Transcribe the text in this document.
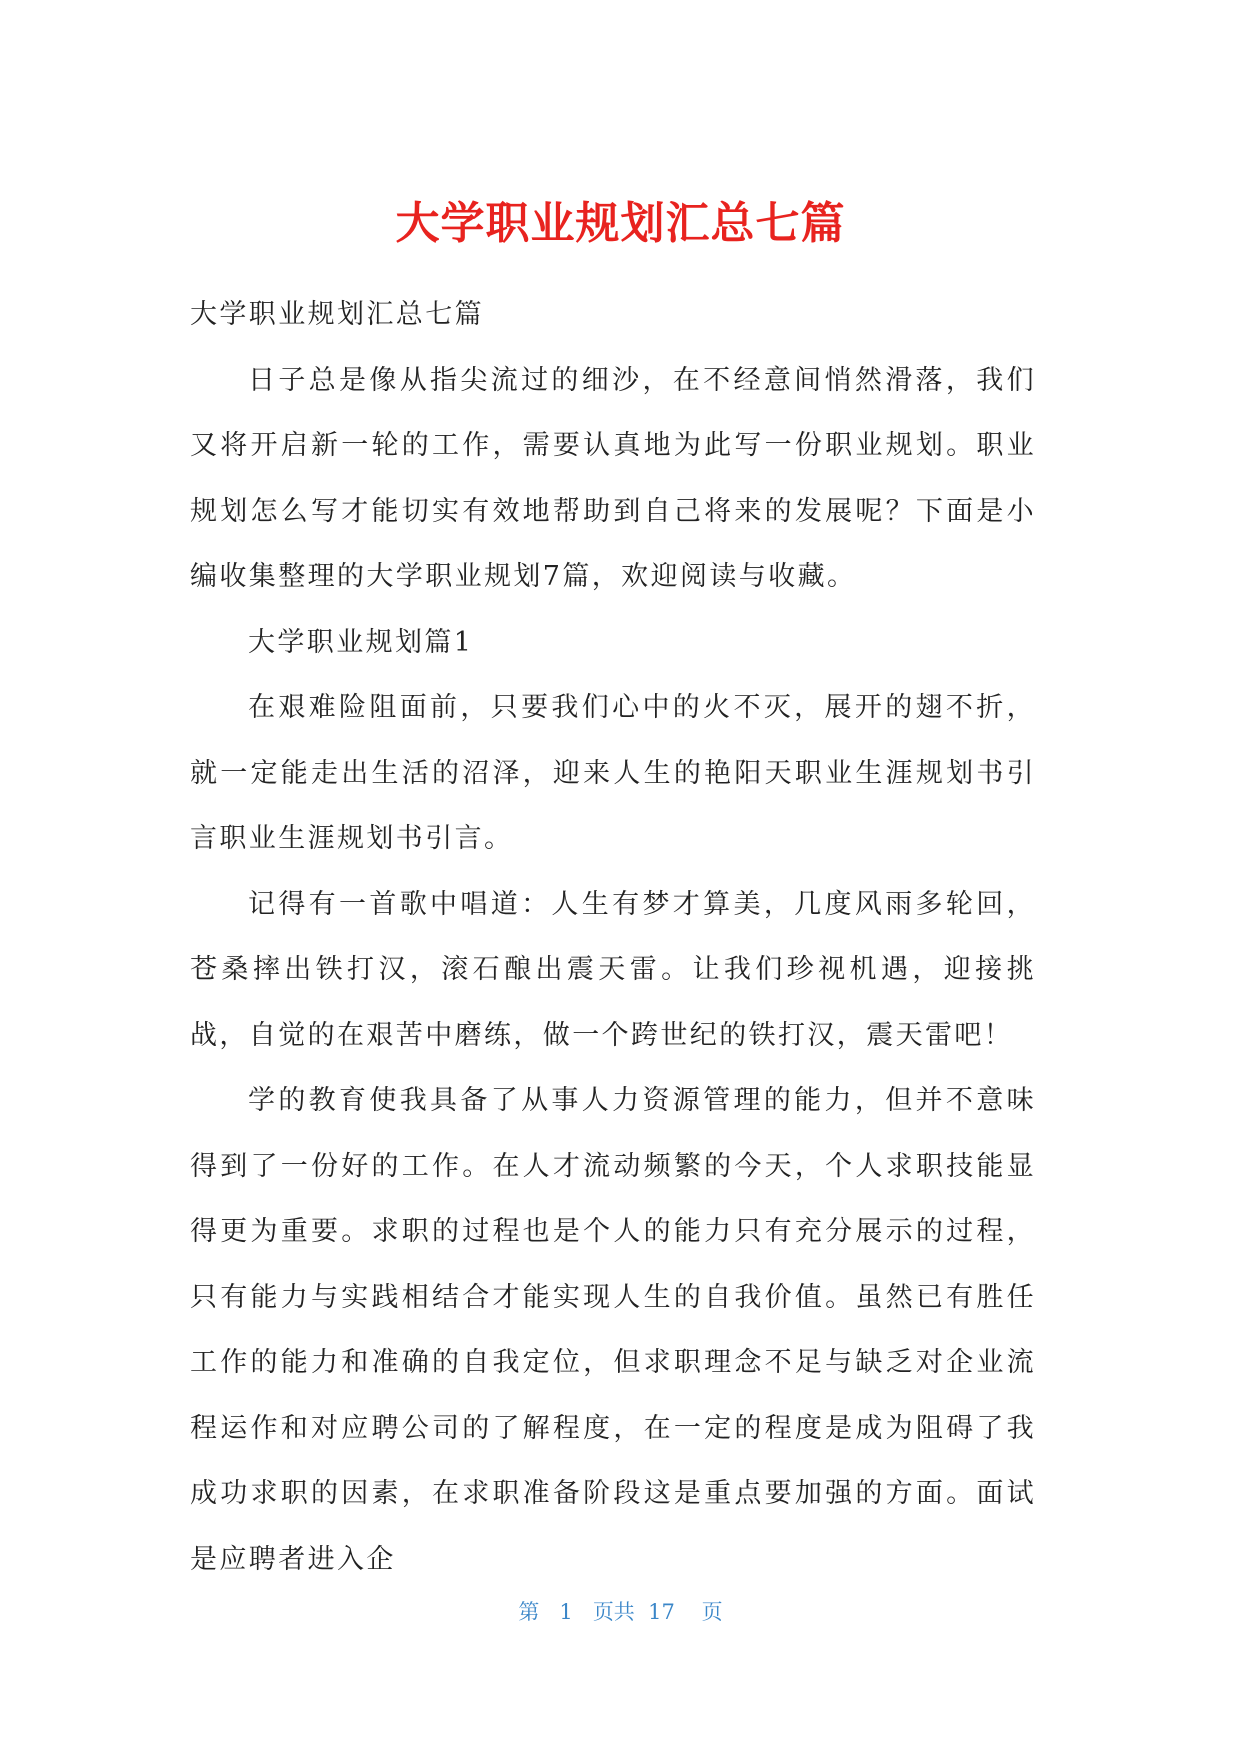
大学职业规划汇总七篇

大学职业规划汇总七篇

日子总是像从指尖流过的细沙，在不经意间悄然滑落，我们又将开启新一轮的工作，需要认真地为此写一份职业规划。职业规划怎么写才能切实有效地帮助到自己将来的发展呢？下面是小编收集整理的大学职业规划7篇，欢迎阅读与收藏。

大学职业规划篇1

在艰难险阻面前，只要我们心中的火不灭，展开的翅不折，就一定能走出生活的沼泽，迎来人生的艳阳天职业生涯规划书引言职业生涯规划书引言。

记得有一首歌中唱道：人生有梦才算美，几度风雨多轮回，苍桑摔出铁打汉，滚石酿出震天雷。让我们珍视机遇，迎接挑战，自觉的在艰苦中磨练，做一个跨世纪的铁打汉，震天雷吧！

学的教育使我具备了从事人力资源管理的能力，但并不意味得到了一份好的工作。在人才流动频繁的今天，个人求职技能显得更为重要。求职的过程也是个人的能力只有充分展示的过程，只有能力与实践相结合才能实现人生的自我价值。虽然已有胜任工作的能力和准确的自我定位，但求职理念不足与缺乏对企业流程运作和对应聘公司的了解程度，在一定的程度是成为阻碍了我成功求职的因素，在求职准备阶段这是重点要加强的方面。面试是应聘者进入企

第 1 页共 17 页
